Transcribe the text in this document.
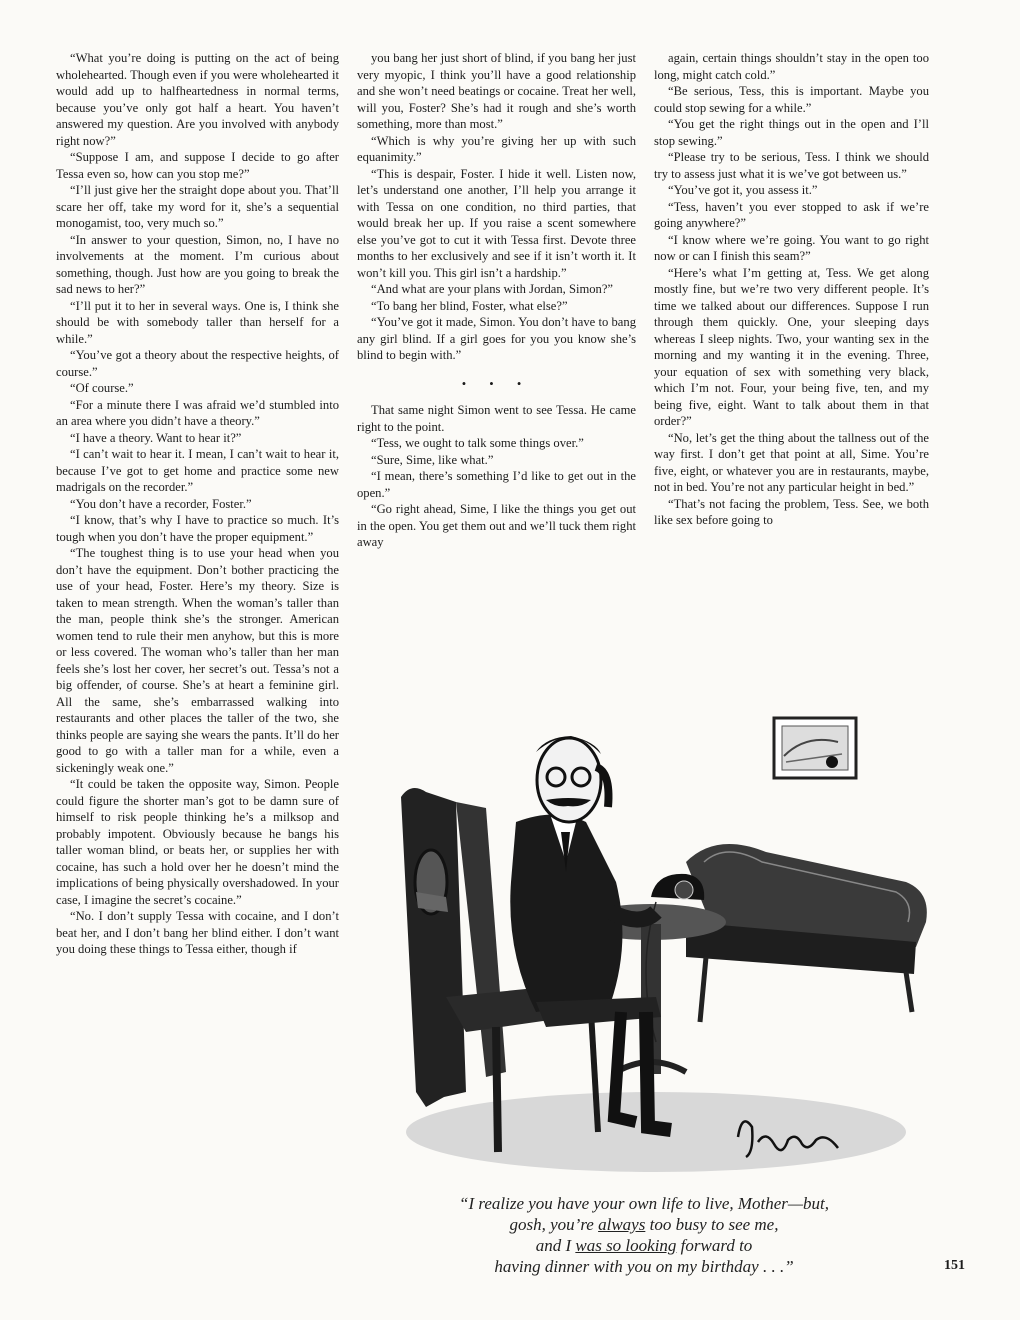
“What you’re doing is putting on the act of being wholehearted. Though even if you were wholehearted it would add up to halfheartedness in normal terms, because you’ve only got half a heart. You haven’t answered my question. Are you involved with anybody right now?”

“Suppose I am, and suppose I decide to go after Tessa even so, how can you stop me?”

“I’ll just give her the straight dope about you. That’ll scare her off, take my word for it, she’s a sequential monogamist, too, very much so.”

“In answer to your question, Simon, no, I have no involvements at the moment. I’m curious about something, though. Just how are you going to break the sad news to her?”

“I’ll put it to her in several ways. One is, I think she should be with somebody taller than herself for a while.”

“You’ve got a theory about the respective heights, of course.”

“Of course.”

“For a minute there I was afraid we’d stumbled into an area where you didn’t have a theory.”

“I have a theory. Want to hear it?”

“I can’t wait to hear it. I mean, I can’t wait to hear it, because I’ve got to get home and practice some new madrigals on the recorder.”

“You don’t have a recorder, Foster.”

“I know, that’s why I have to practice so much. It’s tough when you don’t have the proper equipment.”

“The toughest thing is to use your head when you don’t have the equipment. Don’t bother practicing the use of your head, Foster. Here’s my theory. Size is taken to mean strength. When the woman’s taller than the man, people think she’s the stronger. American women tend to rule their men anyhow, but this is more or less covered. The woman who’s taller than her man feels she’s lost her cover, her secret’s out. Tessa’s not a big offender, of course. She’s at heart a feminine girl. All the same, she’s embarrassed walking into restaurants and other places the taller of the two, she thinks people are saying she wears the pants. It’ll do her good to go with a taller man for a while, even a sickeningly weak one.”

“It could be taken the opposite way, Simon. People could figure the shorter man’s got to be damn sure of himself to risk people thinking he’s a milksop and probably impotent. Obviously because he bangs his taller woman blind, or beats her, or supplies her with cocaine, has such a hold over her he doesn’t mind the implications of being physically overshadowed. In your case, I imagine the secret’s cocaine.”

“No. I don’t supply Tessa with cocaine, and I don’t beat her, and I don’t bang her blind either. I don’t want you doing these things to Tessa either, though if

you bang her just short of blind, if you bang her just very myopic, I think you’ll have a good relationship and she won’t need beatings or cocaine. Treat her well, will you, Foster? She’s had it rough and she’s worth something, more than most.”

“Which is why you’re giving her up with such equanimity.”

“This is despair, Foster. I hide it well. Listen now, let’s understand one another, I’ll help you arrange it with Tessa on one condition, no third parties, that would break her up. If you raise a scent somewhere else you’ve got to cut it with Tessa first. Devote three months to her exclusively and see if it isn’t worth it. It won’t kill you. This girl isn’t a hardship.”

“And what are your plans with Jordan, Simon?”

“To bang her blind, Foster, what else?”

“You’ve got it made, Simon. You don’t have to bang any girl blind. If a girl goes for you you know she’s blind to begin with.”

• • •

That same night Simon went to see Tessa. He came right to the point.

“Tess, we ought to talk some things over.”

“Sure, Sime, like what.”

“I mean, there’s something I’d like to get out in the open.”

“Go right ahead, Sime, I like the things you get out in the open. You get them out and we’ll tuck them right away

again, certain things shouldn’t stay in the open too long, might catch cold.”

“Be serious, Tess, this is important. Maybe you could stop sewing for a while.”

“You get the right things out in the open and I’ll stop sewing.”

“Please try to be serious, Tess. I think we should try to assess just what it is we’ve got between us.”

“You’ve got it, you assess it.”

“Tess, haven’t you ever stopped to ask if we’re going anywhere?”

“I know where we’re going. You want to go right now or can I finish this seam?”

“Here’s what I’m getting at, Tess. We get along mostly fine, but we’re two very different people. It’s time we talked about our differences. Suppose I run through them quickly. One, your sleeping days whereas I sleep nights. Two, your wanting sex in the morning and my wanting it in the evening. Three, your equation of sex with something very black, which I’m not. Four, your being five, ten, and my being five, eight. Want to talk about them in that order?”

“No, let’s get the thing about the tallness out of the way first. I don’t get that point at all, Sime. You’re five, eight, or whatever you are in restaurants, maybe, not in bed. You’re not any particular height in bed.”

“That’s not facing the problem, Tess. See, we both like sex before going to

“I realize you have your own life to live, Mother—but,
gosh, you’re always too busy to see me,
and I was so looking forward to
having dinner with you on my birthday . . .”	151
